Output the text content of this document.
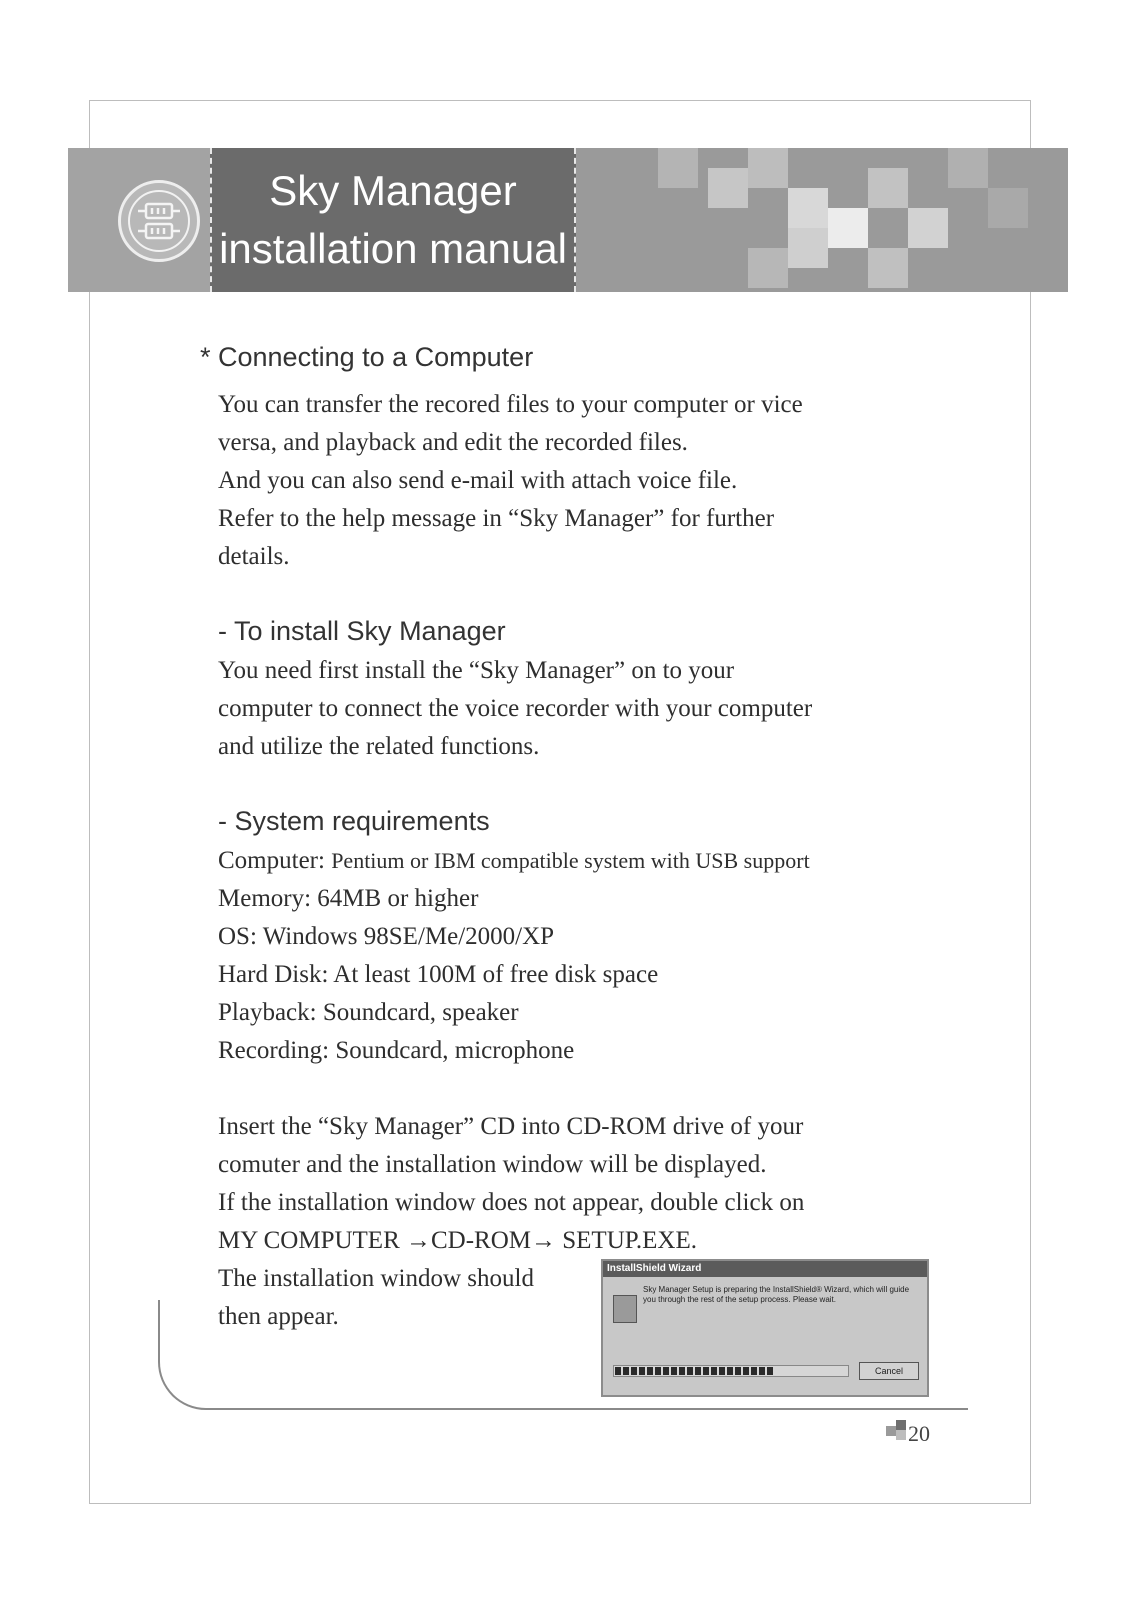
Sky Manager
installation manual

* Connecting to a Computer

You can transfer the recored files to your computer or vice

versa, and playback and edit the recorded files.

And you can also send e-mail with attach voice file.

Refer to the help message in “Sky Manager” for further

details.

- To install Sky Manager

You need first install the “Sky Manager” on to your

computer to connect the voice recorder with your computer

and utilize the related functions.

- System requirements

Computer: Pentium or IBM compatible system with USB support

Memory: 64MB or higher

OS: Windows 98SE/Me/2000/XP

Hard Disk: At least 100M of free disk space

Playback: Soundcard, speaker

Recording: Soundcard, microphone

Insert the “Sky Manager” CD into CD-ROM drive of your

comuter and the installation window will be displayed.

If the installation window does not appear, double click on

MY COMPUTER →CD-ROM→ SETUP.EXE.

The installation window should

then appear.

InstallShield Wizard
Sky Manager Setup is preparing the InstallShield® Wizard, which will guide you through the rest of the setup process. Please wait.
Cancel
20
